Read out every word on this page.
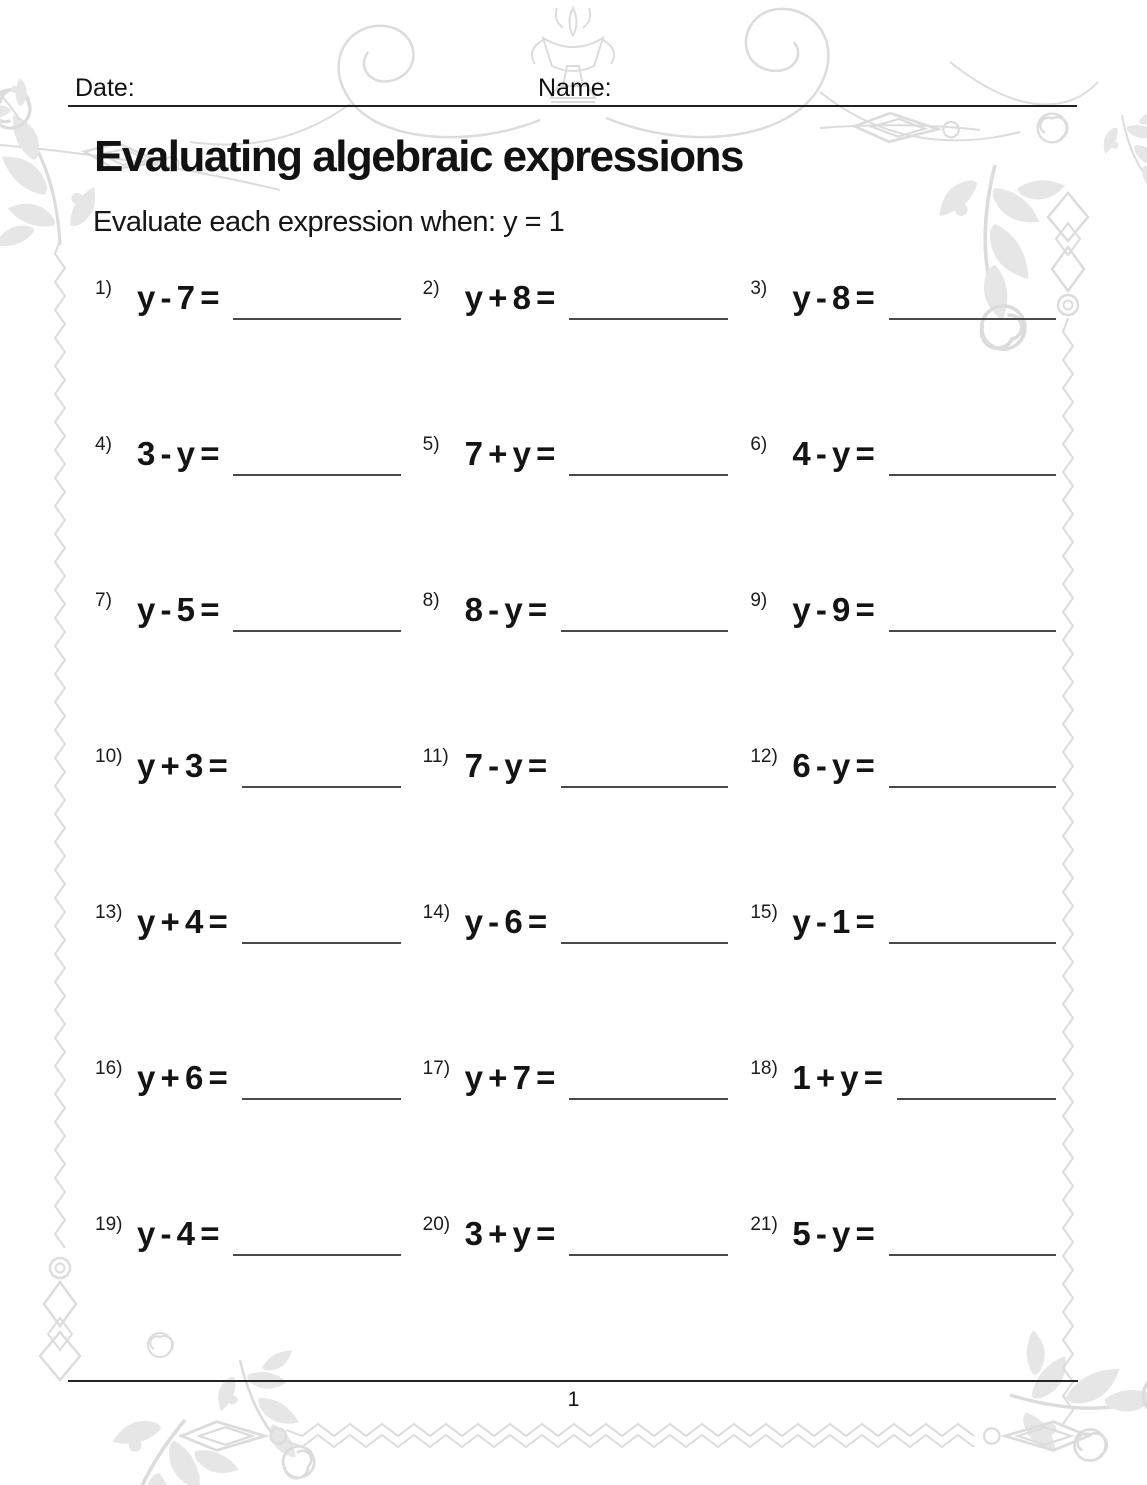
Date:	Name:
Evaluating algebraic expressions

Evaluate each expression when: y = 1

1) y - 7 =	2) y + 8 =	3) y - 8 =
4) 3 - y =	5) 7 + y =	6) 4 - y =
7) y - 5 =	8) 8 - y =	9) y - 9 =
10) y + 3 =	11) 7 - y =	12) 6 - y =
13) y + 4 =	14) y - 6 =	15) y - 1 =
16) y + 6 =	17) y + 7 =	18) 1 + y =
19) y - 4 =	20) 3 + y =	21) 5 - y =
1
